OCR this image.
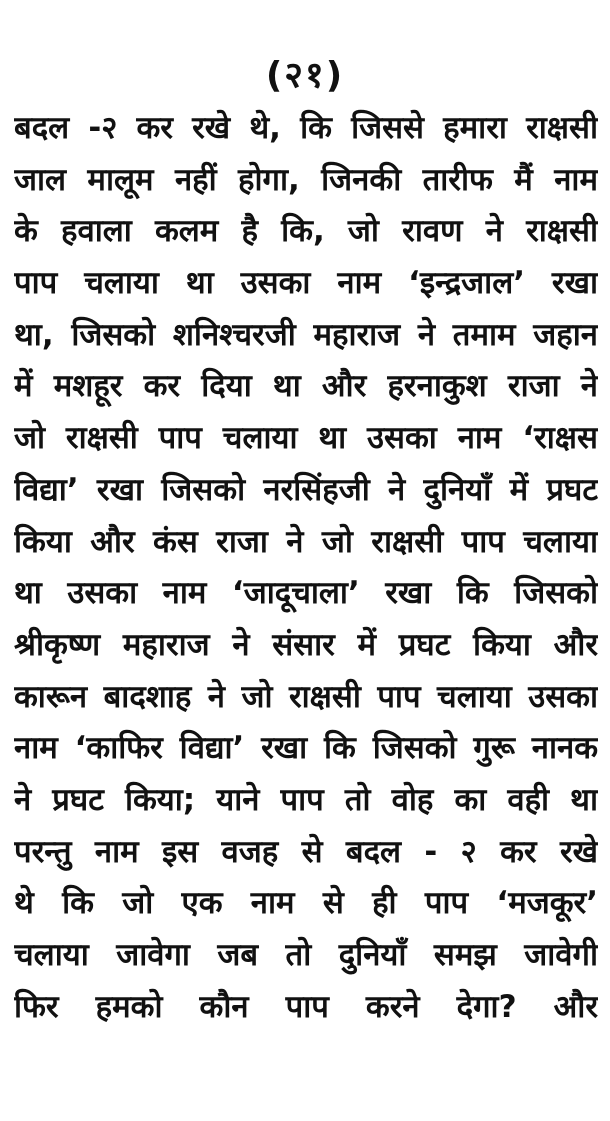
(२१)
बदल -२ कर रखे थे, कि जिससे हमारा राक्षसी
जाल मालूम नहीं होगा, जिनकी तारीफ मैं नाम
के हवाला कलम है कि, जो रावण ने राक्षसी
पाप चलाया था उसका नाम ‘इन्द्रजाल’ रखा
था, जिसको शनिश्चरजी महाराज ने तमाम जहान
में मशहूर कर दिया था और हरनाकुश राजा ने
जो राक्षसी पाप चलाया था उसका नाम ‘राक्षस
विद्या’ रखा जिसको नरसिंहजी ने दुनियाँ में प्रघट
किया और कंस राजा ने जो राक्षसी पाप चलाया
था उसका नाम ‘जादूचाला’ रखा कि जिसको
श्रीकृष्ण महाराज ने संसार में प्रघट किया और
कारून बादशाह ने जो राक्षसी पाप चलाया उसका
नाम ‘काफिर विद्या’ रखा कि जिसको गुरू नानक
ने प्रघट किया; याने पाप तो वोह का वही था
परन्तु नाम इस वजह से बदल - २ कर रखे
थे कि जो एक नाम से ही पाप ‘मजकूर’
चलाया जावेगा जब तो दुनियाँ समझ जावेगी
फिर हमको कौन पाप करने देगा? और
